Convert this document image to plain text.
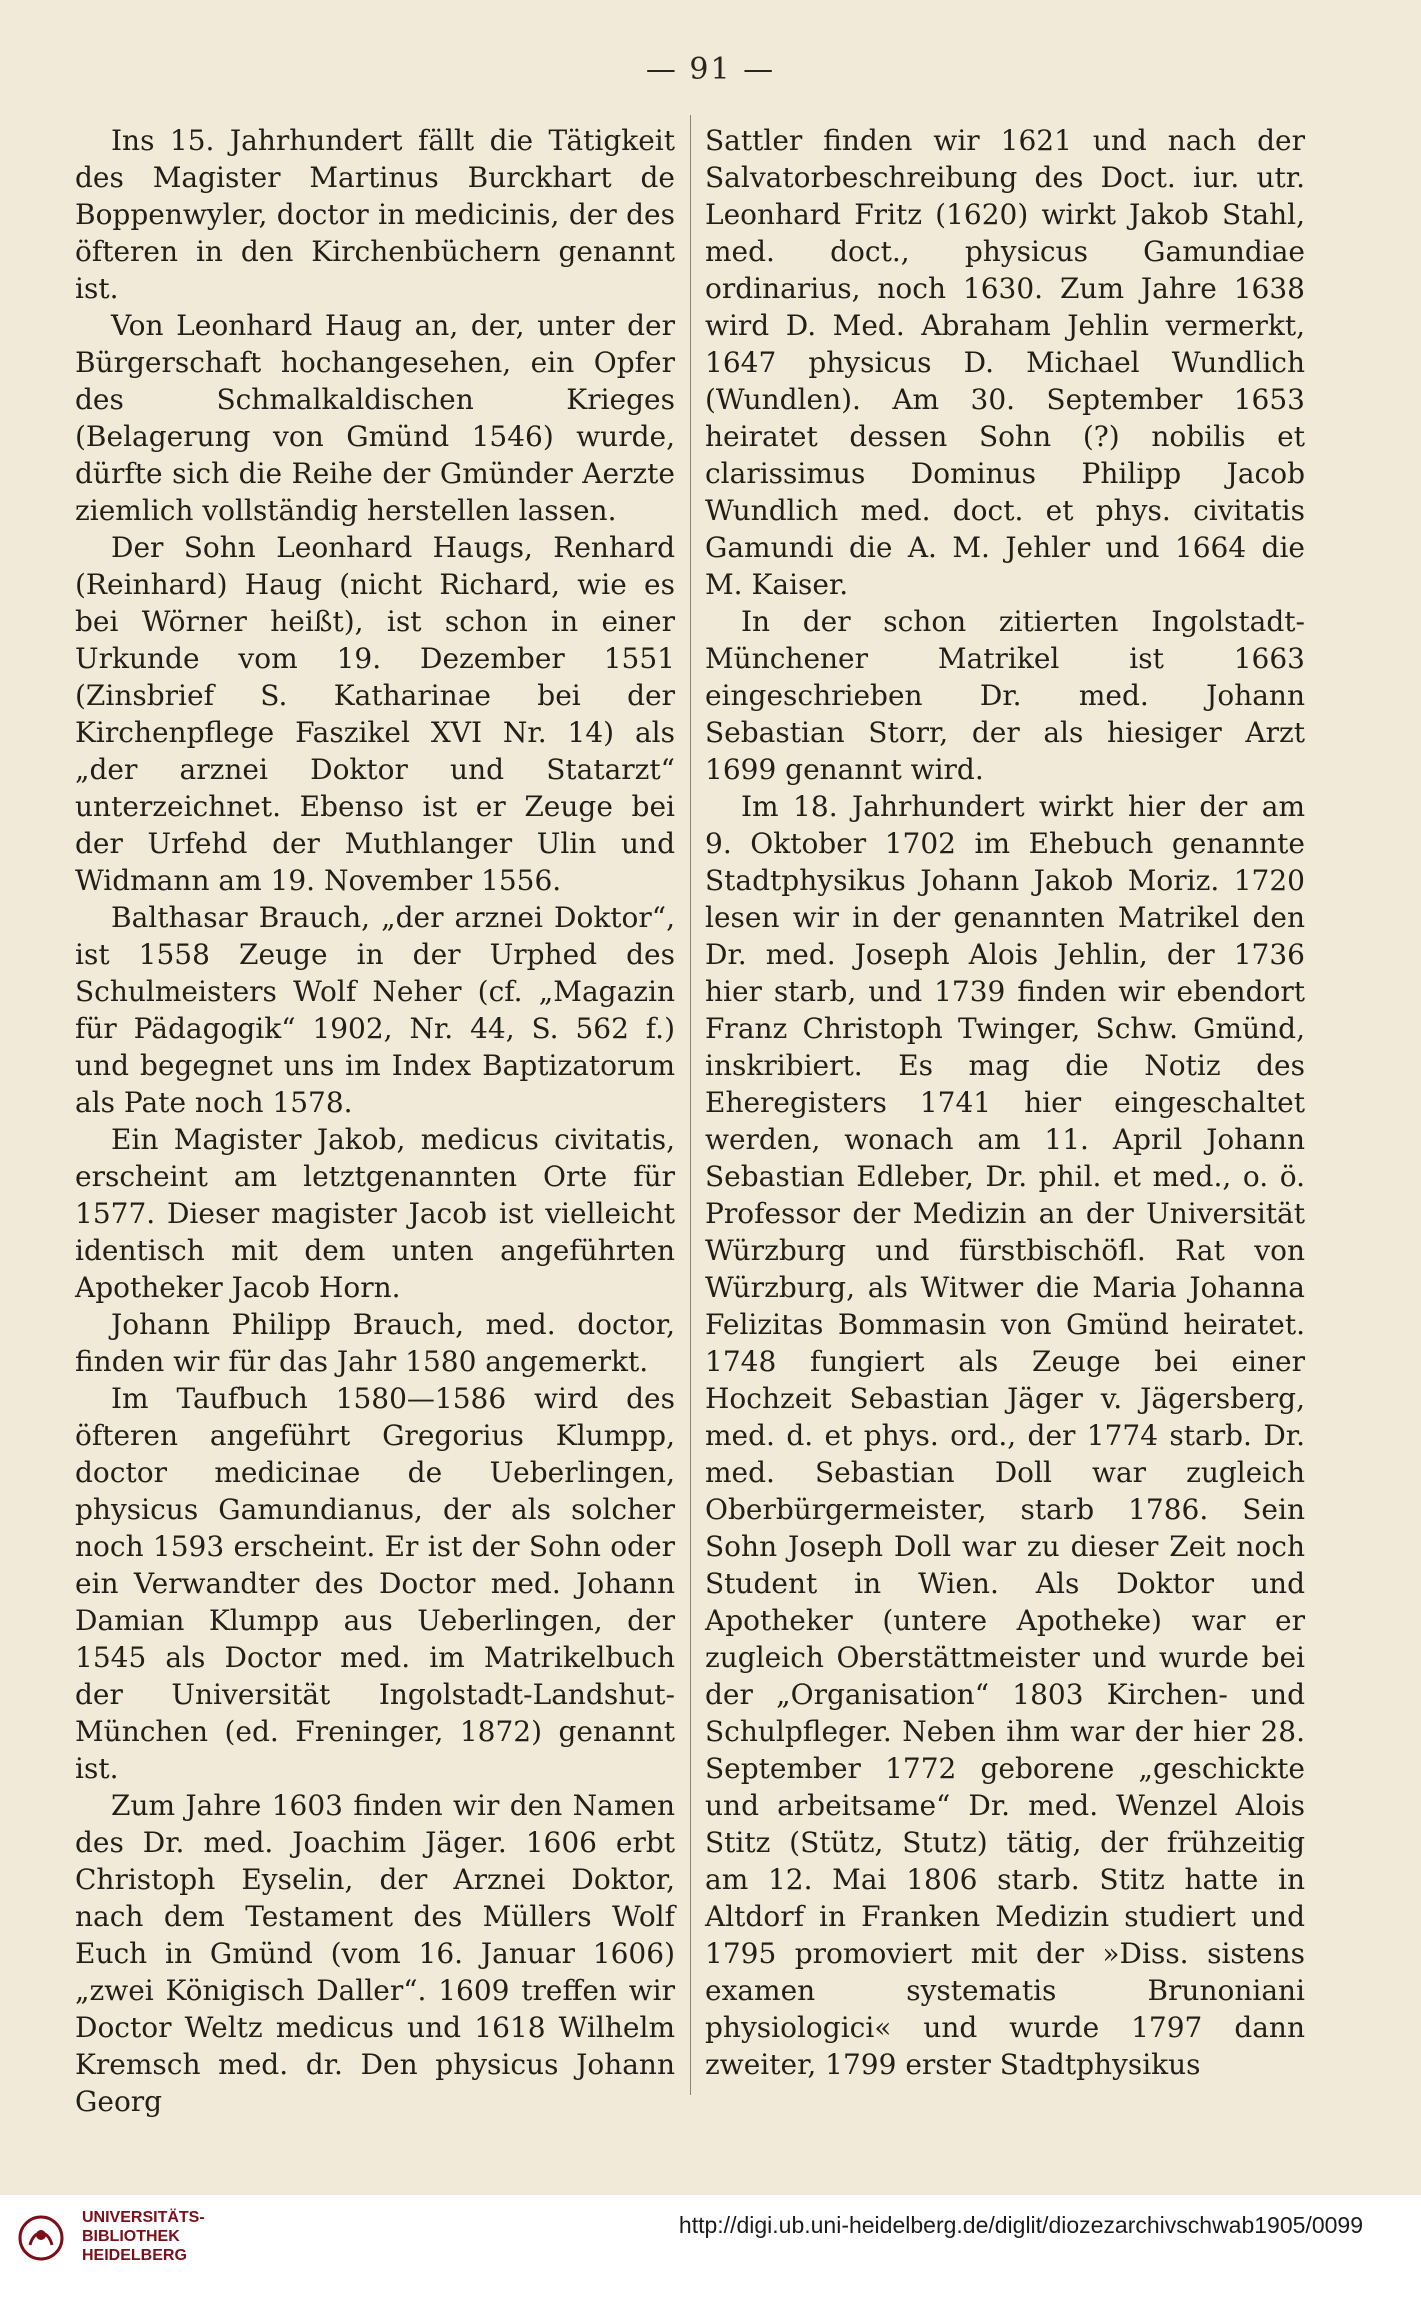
— 91 —

Ins 15. Jahrhundert fällt die Tätigkeit des Magister Martinus Burckhart de Boppenwyler, doctor in medicinis, der des öfteren in den Kirchenbüchern genannt ist.

Von Leonhard Haug an, der, unter der Bürgerschaft hochangesehen, ein Opfer des Schmalkaldischen Krieges (Belagerung von Gmünd 1546) wurde, dürfte sich die Reihe der Gmünder Aerzte ziemlich vollständig herstellen lassen.

Der Sohn Leonhard Haugs, Renhard (Reinhard) Haug (nicht Richard, wie es bei Wörner heißt), ist schon in einer Urkunde vom 19. Dezember 1551 (Zinsbrief S. Katharinae bei der Kirchenpflege Faszikel XVI Nr. 14) als „der arznei Doktor und Statarzt“ unterzeichnet. Ebenso ist er Zeuge bei der Urfehd der Muthlanger Ulin und Widmann am 19. November 1556.

Balthasar Brauch, „der arznei Doktor“, ist 1558 Zeuge in der Urphed des Schulmeisters Wolf Neher (cf. „Magazin für Pädagogik“ 1902, Nr. 44, S. 562 f.) und begegnet uns im Index Baptizatorum als Pate noch 1578.

Ein Magister Jakob, medicus civitatis, erscheint am letztgenannten Orte für 1577. Dieser magister Jacob ist vielleicht identisch mit dem unten angeführten Apotheker Jacob Horn.

Johann Philipp Brauch, med. doctor, finden wir für das Jahr 1580 angemerkt.

Im Taufbuch 1580—1586 wird des öfteren angeführt Gregorius Klumpp, doctor medicinae de Ueberlingen, physicus Gamundianus, der als solcher noch 1593 erscheint. Er ist der Sohn oder ein Verwandter des Doctor med. Johann Damian Klumpp aus Ueberlingen, der 1545 als Doctor med. im Matrikelbuch der Universität Ingolstadt-Landshut-München (ed. Freninger, 1872) genannt ist.

Zum Jahre 1603 finden wir den Namen des Dr. med. Joachim Jäger. 1606 erbt Christoph Eyselin, der Arznei Doktor, nach dem Testament des Müllers Wolf Euch in Gmünd (vom 16. Januar 1606) „zwei Königisch Daller“. 1609 treffen wir Doctor Weltz medicus und 1618 Wilhelm Kremsch med. dr. Den physicus Johann Georg

Sattler finden wir 1621 und nach der Salvatorbeschreibung des Doct. iur. utr. Leonhard Fritz (1620) wirkt Jakob Stahl, med. doct., physicus Gamundiae ordinarius, noch 1630. Zum Jahre 1638 wird D. Med. Abraham Jehlin vermerkt, 1647 physicus D. Michael Wundlich (Wundlen). Am 30. September 1653 heiratet dessen Sohn (?) nobilis et clarissimus Dominus Philipp Jacob Wundlich med. doct. et phys. civitatis Gamundi die A. M. Jehler und 1664 die M. Kaiser.

In der schon zitierten Ingolstadt-Münchener Matrikel ist 1663 eingeschrieben Dr. med. Johann Sebastian Storr, der als hiesiger Arzt 1699 genannt wird.

Im 18. Jahrhundert wirkt hier der am 9. Oktober 1702 im Ehebuch genannte Stadtphysikus Johann Jakob Moriz. 1720 lesen wir in der genannten Matrikel den Dr. med. Joseph Alois Jehlin, der 1736 hier starb, und 1739 finden wir ebendort Franz Christoph Twinger, Schw. Gmünd, inskribiert. Es mag die Notiz des Eheregisters 1741 hier eingeschaltet werden, wonach am 11. April Johann Sebastian Edleber, Dr. phil. et med., o. ö. Professor der Medizin an der Universität Würzburg und fürstbischöfl. Rat von Würzburg, als Witwer die Maria Johanna Felizitas Bommasin von Gmünd heiratet. 1748 fungiert als Zeuge bei einer Hochzeit Sebastian Jäger v. Jägersberg, med. d. et phys. ord., der 1774 starb. Dr. med. Sebastian Doll war zugleich Oberbürgermeister, starb 1786. Sein Sohn Joseph Doll war zu dieser Zeit noch Student in Wien. Als Doktor und Apotheker (untere Apotheke) war er zugleich Oberstättmeister und wurde bei der „Organisation“ 1803 Kirchen- und Schulpfleger. Neben ihm war der hier 28. September 1772 geborene „geschickte und arbeitsame“ Dr. med. Wenzel Alois Stitz (Stütz, Stutz) tätig, der frühzeitig am 12. Mai 1806 starb. Stitz hatte in Altdorf in Franken Medizin studiert und 1795 promoviert mit der »Diss. sistens examen systematis Brunoniani physiologici« und wurde 1797 dann zweiter, 1799 erster Stadtphysikus

UNIVERSITÄTS-
BIBLIOTHEK
HEIDELBERG
http://digi.ub.uni-heidelberg.de/diglit/diozezarchivschwab1905/0099
